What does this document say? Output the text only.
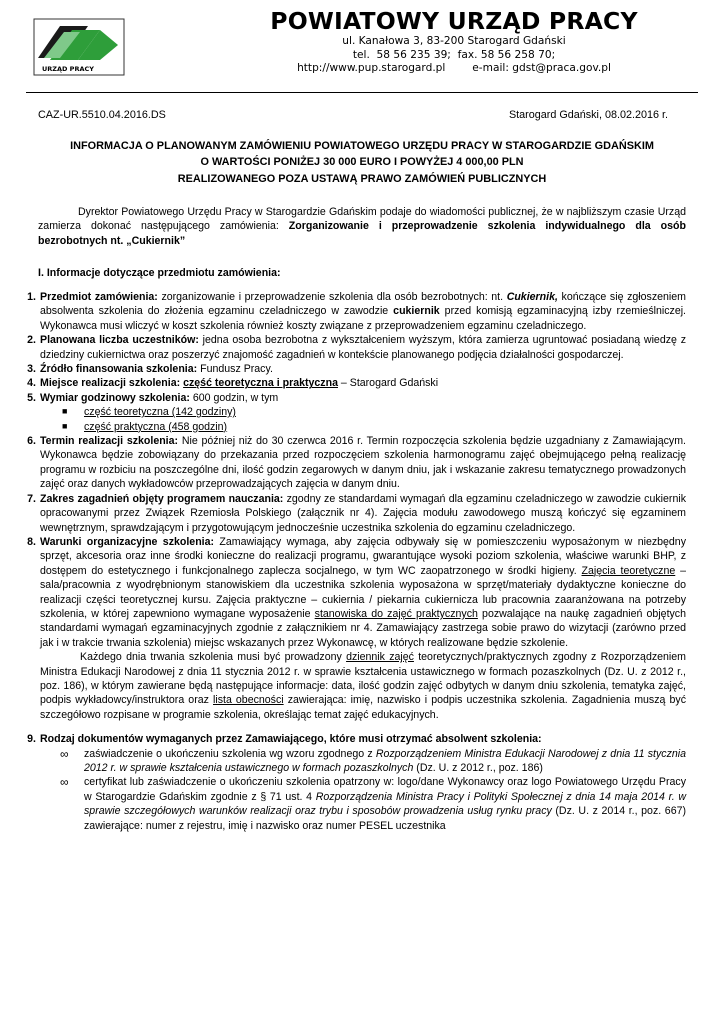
URZĄD PRACY
POWIATOWY URZĄD PRACY
ul. Kanałowa 3, 83-200 Starogard Gdański
tel.  58 56 235 39;  fax. 58 56 258 70;
http://www.pup.starogard.pl        e-mail: gdst@praca.gov.pl
CAZ-UR.5510.04.2016.DS	Starogard Gdański, 08.02.2016 r.
INFORMACJA O PLANOWANYM ZAMÓWIENIU POWIATOWEGO URZĘDU PRACY W STAROGARDZIE GDAŃSKIM
O WARTOŚCI PONIŻEJ 30 000 EURO I POWYŻEJ 4 000,00 PLN
REALIZOWANEGO POZA USTAWĄ PRAWO ZAMÓWIEŃ PUBLICZNYCH
Dyrektor Powiatowego Urzędu Pracy w Starogardzie Gdańskim podaje do wiadomości publicznej, że w najbliższym czasie Urząd zamierza dokonać następującego zamówienia: Zorganizowanie i przeprowadzenie szkolenia indywidualnego dla osób bezrobotnych nt. „Cukiernik”
I. Informacje dotyczące przedmiotu zamówienia:
1. Przedmiot zamówienia: zorganizowanie i przeprowadzenie szkolenia dla osób bezrobotnych: nt. Cukiernik, kończące się zgłoszeniem absolwenta szkolenia do złożenia egzaminu czeladniczego w zawodzie cukiernik przed komisją egzaminacyjną izby rzemieślniczej. Wykonawca musi wliczyć w koszt szkolenia również koszty związane z przeprowadzeniem egzaminu czeladniczego.
2. Planowana liczba uczestników: jedna osoba bezrobotna z wykształceniem wyższym, która zamierza ugruntować posiadaną wiedzę z dziedziny cukiernictwa oraz poszerzyć znajomość zagadnień w kontekście planowanego podjęcia działalności gospodarczej.
3. Źródło finansowania szkolenia: Fundusz Pracy.
4. Miejsce realizacji szkolenia: część teoretyczna i praktyczna – Starogard Gdański
5. Wymiar godzinowy szkolenia: 600 godzin, w tym
■ część teoretyczna (142 godziny)
■ część praktyczna (458 godzin)
6. Termin realizacji szkolenia: Nie później niż do 30 czerwca 2016 r. Termin rozpoczęcia szkolenia będzie uzgadniany z Zamawiającym. Wykonawca będzie zobowiązany do przekazania przed rozpoczęciem szkolenia harmonogramu zajęć obejmującego pełną realizację programu w rozbiciu na poszczególne dni, ilość godzin zegarowych w danym dniu, jak i wskazanie zakresu tematycznego prowadzonych zajęć oraz danych wykładowców przeprowadzających zajęcia w danym dniu.
7. Zakres zagadnień objęty programem nauczania: zgodny ze standardami wymagań dla egzaminu czeladniczego w zawodzie cukiernik opracowanymi przez Związek Rzemiosła Polskiego (załącznik nr 4). Zajęcia modułu zawodowego muszą kończyć się egzaminem wewnętrznym, sprawdzającym i przygotowującym jednocześnie uczestnika szkolenia do egzaminu czeladniczego.
8. Warunki organizacyjne szkolenia: Zamawiający wymaga, aby zajęcia odbywały się w pomieszczeniu wyposażonym w niezbędny sprzęt, akcesoria oraz inne środki konieczne do realizacji programu, gwarantujące wysoki poziom szkolenia, właściwe warunki BHP, z dostępem do estetycznego i funkcjonalnego zaplecza socjalnego, w tym WC zaopatrzonego w środki higieny. Zajęcia teoretyczne – sala/pracownia z wyodrębnionym stanowiskiem dla uczestnika szkolenia wyposażona w sprzęt/materiały dydaktyczne konieczne do realizacji części teoretycznej kursu. Zajęcia praktyczne – cukiernia / piekarnia cukiernicza lub pracownia zaaranżowana na potrzeby szkolenia, w której zapewniono wymagane wyposażenie stanowiska do zajęć praktycznych pozwalające na naukę zagadnień objętych standardami wymagań egzaminacyjnych zgodnie z załącznikiem nr 4. Zamawiający zastrzega sobie prawo do wizytacji (zarówno przed jak i w trakcie trwania szkolenia) miejsc wskazanych przez Wykonawcę, w których realizowane będzie szkolenie.
Każdego dnia trwania szkolenia musi być prowadzony dziennik zajęć teoretycznych/praktycznych zgodny z Rozporządzeniem Ministra Edukacji Narodowej z dnia 11 stycznia 2012 r. w sprawie kształcenia ustawicznego w formach pozaszkolnych (Dz. U. z 2012 r., poz. 186), w którym zawierane będą następujące informacje: data, ilość godzin zajęć odbytych w danym dniu szkolenia, tematyka zajęć, podpis wykładowcy/instruktora oraz lista obecności zawierająca: imię, nazwisko i podpis uczestnika szkolenia. Zagadnienia muszą być szczegółowo rozpisane w programie szkolenia, określając temat zajęć edukacyjnych.
9. Rodzaj dokumentów wymaganych przez Zamawiającego, które musi otrzymać absolwent szkolenia:
∞ zaświadczenie o ukończeniu szkolenia wg wzoru zgodnego z Rozporządzeniem Ministra Edukacji Narodowej z dnia 11 stycznia 2012 r. w sprawie kształcenia ustawicznego w formach pozaszkolnych (Dz. U. z 2012 r., poz. 186)
∞ certyfikat lub zaświadczenie o ukończeniu szkolenia opatrzony w: logo/dane Wykonawcy oraz logo Powiatowego Urzędu Pracy w Starogardzie Gdańskim zgodnie z § 71 ust. 4 Rozporządzenia Ministra Pracy i Polityki Społecznej z dnia 14 maja 2014 r. w sprawie szczegółowych warunków realizacji oraz trybu i sposobów prowadzenia usług rynku pracy (Dz. U. z 2014 r., poz. 667) zawierające: numer z rejestru, imię i nazwisko oraz numer PESEL uczestnika
